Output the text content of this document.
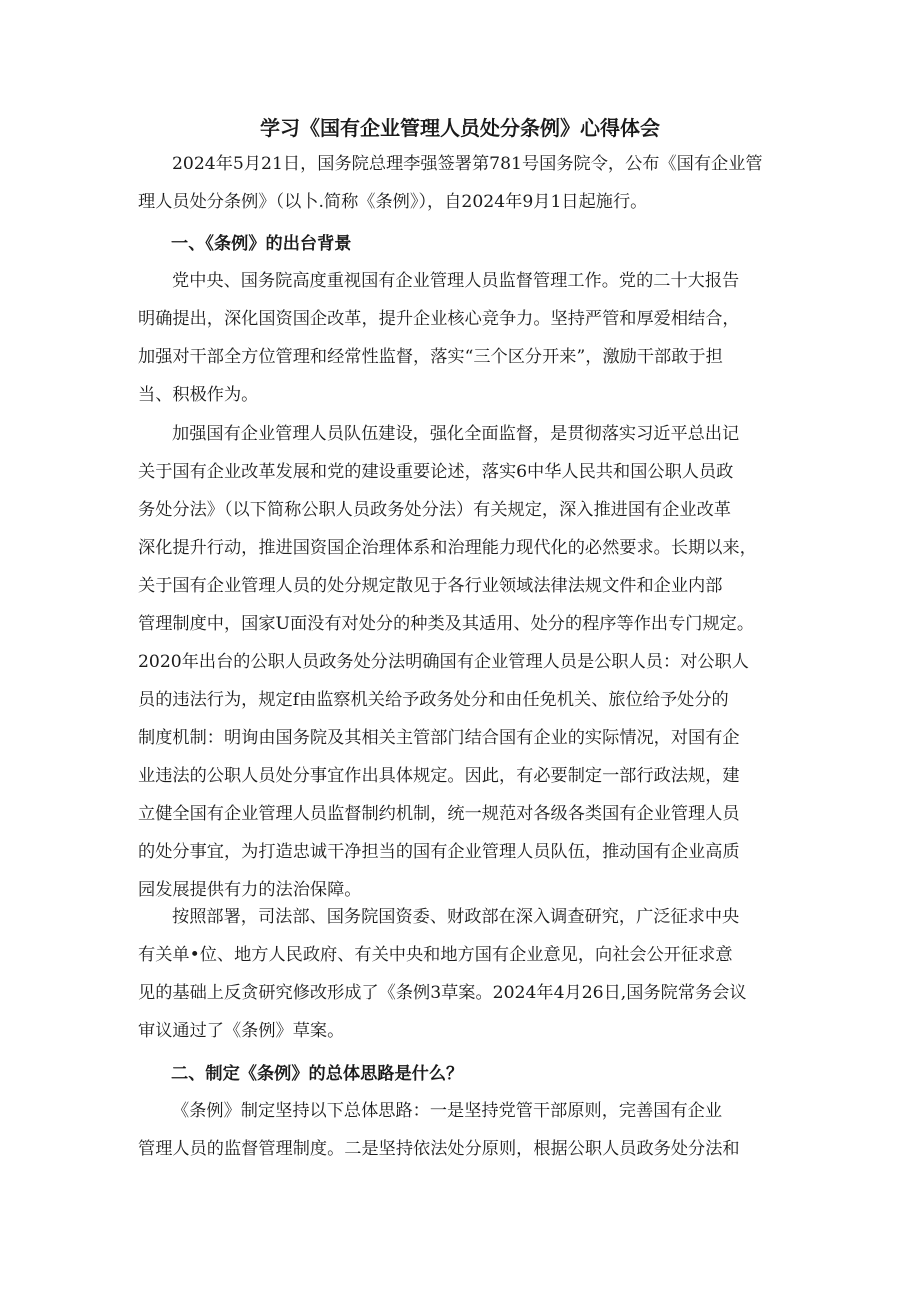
学习《国有企业管理人员处分条例》心得体会
2024年5月21日，国务院总理李强签署第781号国务院令，公布《国有企业管
理人员处分条例》（以卜.简称《条例》），自2024年9月1日起施行。
一、《条例》的出台背景
党中央、国务院高度重视国有企业管理人员监督管理工作。党的二十大报告
明确提出，深化国资国企改革，提升企业核心竞争力。坚持严管和厚爱相结合，
加强对干部全方位管理和经常性监督，落实“三个区分开来”，激励干部敢于担
当、积极作为。
加强国有企业管理人员队伍建设，强化全面监督，是贯彻落实习近平总出记
关于国有企业改革发展和党的建设重要论述，落实6中华人民共和国公职人员政
务处分法》（以下简称公职人员政务处分法）有关规定，深入推进国有企业改革
深化提升行动，推进国资国企治理体系和治理能力现代化的必然要求。长期以来，
关于国有企业管理人员的处分规定散见于各行业领域法律法规文件和企业内部
管理制度中，国家U面没有对处分的种类及其适用、处分的程序等作出专门规定。
2020年出台的公职人员政务处分法明确国有企业管理人员是公职人员：对公职人
员的违法行为，规定f由监察机关给予政务处分和由任免机关、旅位给予处分的
制度机制：明询由国务院及其相关主管部门结合国有企业的实际情况，对国有企
业违法的公职人员处分事宜作出具体规定。因此，有必要制定一部行政法规，建
立健全国有企业管理人员监督制约机制，统一规范对各级各类国有企业管理人员
的处分事宜，为打造忠诚干净担当的国有企业管理人员队伍，推动国有企业高质
园发展提供有力的法治保障。
按照部署，司法部、国务院国资委、财政部在深入调查研究，广泛征求中央
有关单•位、地方人民政府、有关中央和地方国有企业意见，向社会公开征求意
见的基础上反贪研究修改形成了《条例3草案。2024年4月26日,国务院常务会议
审议通过了《条例》草案。
二、制定《条例》的总体思路是什么？
《条例》制定坚持以下总体思路：一是坚持党管干部原则，完善国有企业
管理人员的监督管理制度。二是坚持依法处分原则，根据公职人员政务处分法和
